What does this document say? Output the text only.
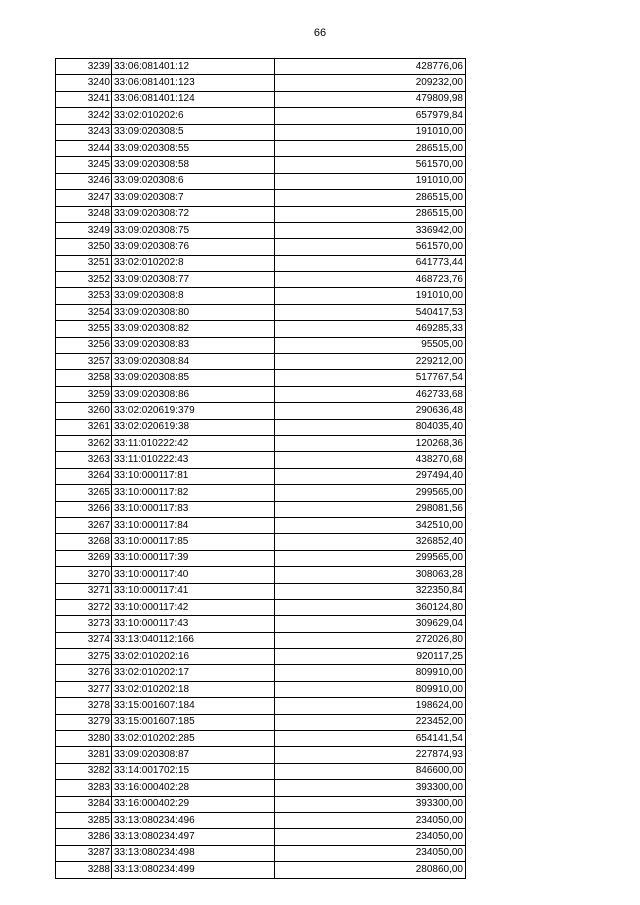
66
3239	33:06:081401:12	428776,06
3240	33:06:081401:123	209232,00
3241	33:06:081401:124	479809,98
3242	33:02:010202:6	657979,84
3243	33:09:020308:5	191010,00
3244	33:09:020308:55	286515,00
3245	33:09:020308:58	561570,00
3246	33:09:020308:6	191010,00
3247	33:09:020308:7	286515,00
3248	33:09:020308:72	286515,00
3249	33:09:020308:75	336942,00
3250	33:09:020308:76	561570,00
3251	33:02:010202:8	641773,44
3252	33:09:020308:77	468723,76
3253	33:09:020308:8	191010,00
3254	33:09:020308:80	540417,53
3255	33:09:020308:82	469285,33
3256	33:09:020308:83	95505,00
3257	33:09:020308:84	229212,00
3258	33:09:020308:85	517767,54
3259	33:09:020308:86	462733,68
3260	33:02:020619:379	290636,48
3261	33:02:020619:38	804035,40
3262	33:11:010222:42	120268,36
3263	33:11:010222:43	438270,68
3264	33:10:000117:81	297494,40
3265	33:10:000117:82	299565,00
3266	33:10:000117:83	298081,56
3267	33:10:000117:84	342510,00
3268	33:10:000117:85	326852,40
3269	33:10:000117:39	299565,00
3270	33:10:000117:40	308063,28
3271	33:10:000117:41	322350,84
3272	33:10:000117:42	360124,80
3273	33:10:000117:43	309629,04
3274	33:13:040112:166	272026,80
3275	33:02:010202:16	920117,25
3276	33:02:010202:17	809910,00
3277	33:02:010202:18	809910,00
3278	33:15:001607:184	198624,00
3279	33:15:001607:185	223452,00
3280	33:02:010202:285	654141,54
3281	33:09:020308:87	227874,93
3282	33:14:001702:15	846600,00
3283	33:16:000402:28	393300,00
3284	33:16:000402:29	393300,00
3285	33:13:080234:496	234050,00
3286	33:13:080234:497	234050,00
3287	33:13:080234:498	234050,00
3288	33:13:080234:499	280860,00
